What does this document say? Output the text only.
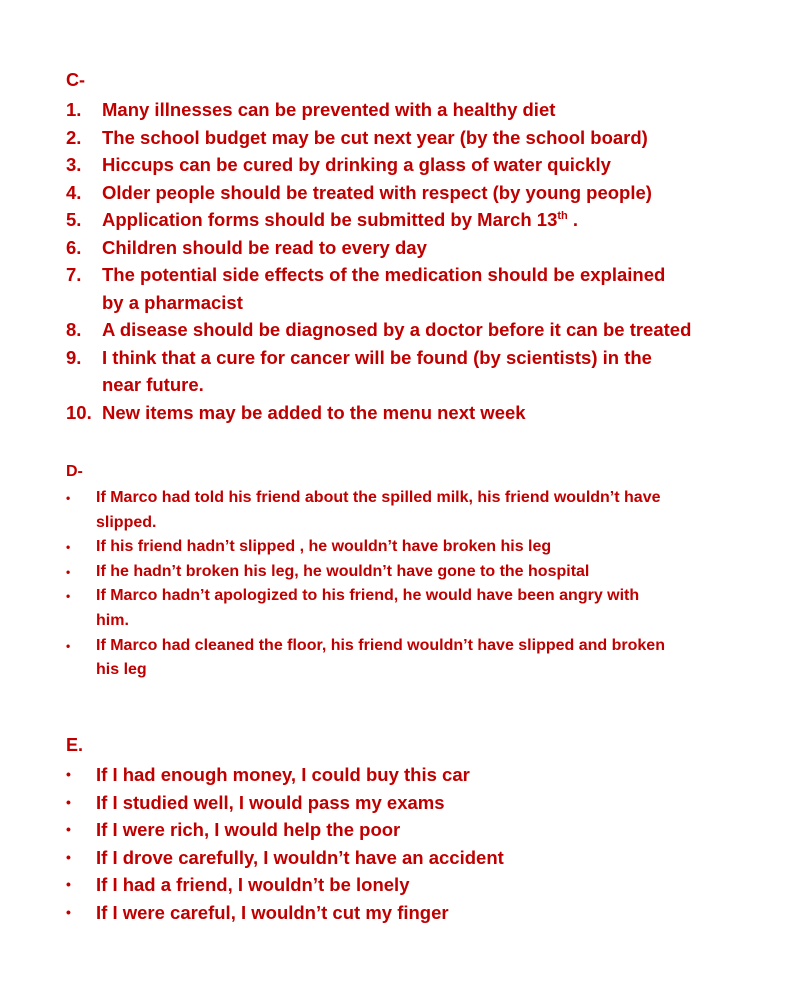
C-
1.	Many illnesses can be prevented with a healthy diet
2.	The school budget may be cut next year (by the school board)
3.	Hiccups can be cured by drinking a glass of water quickly
4.	Older people should be treated with respect (by young people)
5.	Application forms should be submitted by March 13th .
6.	Children should be read to every day
7.	The potential side effects of the medication should be explained
by a pharmacist
8.	A disease should be diagnosed by a doctor before it can be treated
9.	I think that a cure for cancer will be found (by scientists) in the
near future.
10. New items may be added to the menu next week
D-
•	If Marco had told his friend about the spilled milk, his friend wouldn’t have
slipped.
•	If his friend hadn’t slipped , he wouldn’t have broken his leg
•	If he hadn’t broken his leg, he wouldn’t have gone to the hospital
•	If Marco hadn’t apologized to his friend, he would have been angry with
him.
•	If Marco had cleaned the floor, his friend wouldn’t have slipped and broken
his leg
E.
•	If I had enough money, I could buy this car
•	If I studied well, I would pass my exams
•	If I were rich, I would help the poor
•	If I drove carefully, I wouldn’t have an accident
•	If I had a friend, I wouldn’t be lonely
•	If I were careful, I wouldn’t cut my finger
